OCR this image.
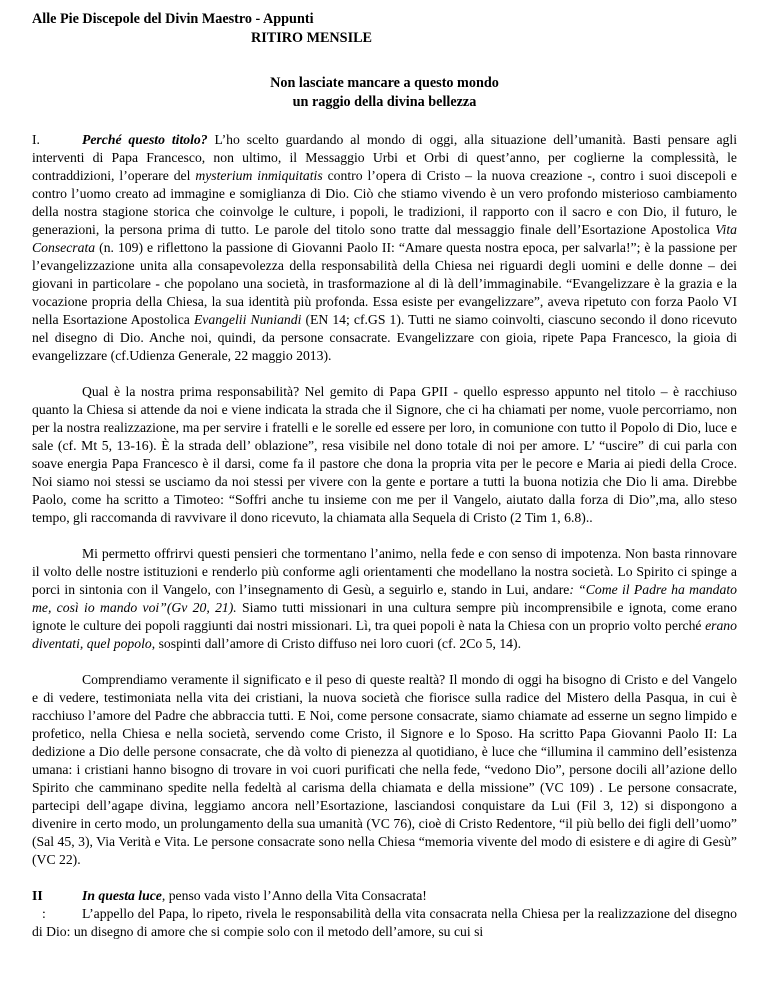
Alle Pie Discepole del Divin Maestro - Appunti
RITIRO MENSILE
Non lasciate mancare a questo mondo
un raggio della divina bellezza

I.	Perché questo titolo? L’ho scelto guardando al mondo di oggi, alla situazione dell’umanità. Basti pensare agli interventi di Papa Francesco, non ultimo, il Messaggio Urbi et Orbi di quest’anno, per coglierne la complessità, le contraddizioni, l’operare del mysterium inmiquitatis contro l’opera di Cristo – la nuova creazione -, contro i suoi discepoli e contro l’uomo creato ad immagine e somiglianza di Dio. Ciò che stiamo vivendo è un vero profondo misterioso cambiamento della nostra stagione storica che coinvolge le culture, i popoli, le tradizioni, il rapporto con il sacro e con Dio, il futuro, le generazioni, la persona prima di tutto. Le parole del titolo sono tratte dal messaggio finale dell’Esortazione Apostolica Vita Consecrata (n. 109) e riflettono la passione di Giovanni Paolo II: “Amare questa nostra epoca, per salvarla!”; è la passione per l’evangelizzazione unita alla consapevolezza della responsabilità della Chiesa nei riguardi degli uomini e delle donne – dei giovani in particolare - che popolano una società, in trasformazione al di là dell’immaginabile. “Evangelizzare è la grazia e la vocazione propria della Chiesa, la sua identità più profonda. Essa esiste per evangelizzare”, aveva ripetuto con forza Paolo VI nella Esortazione Apostolica Evangelii Nuniandi (EN 14; cf.GS 1). Tutti ne siamo coinvolti, ciascuno secondo il dono ricevuto nel disegno di Dio. Anche noi, quindi, da persone consacrate. Evangelizzare con gioia, ripete Papa Francesco, la gioia di evangelizzare (cf.Udienza Generale, 22 maggio 2013).

Qual è la nostra prima responsabilità? Nel gemito di Papa GPII - quello espresso appunto nel titolo – è racchiuso quanto la Chiesa si attende da noi e viene indicata la strada che il Signore, che ci ha chiamati per nome, vuole percorriamo, non per la nostra realizzazione, ma per servire i fratelli e le sorelle ed essere per loro, in comunione con tutto il Popolo di Dio, luce e sale (cf. Mt 5, 13-16). È la strada dell’ oblazione”, resa visibile nel dono totale di noi per amore. L’ “uscire” di cui parla con soave energia Papa Francesco è il darsi, come fa il pastore che dona la propria vita per le pecore e Maria ai piedi della Croce. Noi siamo noi stessi se usciamo da noi stessi per vivere con la gente e portare a tutti la buona notizia che Dio li ama. Direbbe Paolo, come ha scritto a Timoteo: “Soffri anche tu insieme con me per il Vangelo, aiutato dalla forza di Dio”,ma, allo steso tempo, gli raccomanda di ravvivare il dono ricevuto, la chiamata alla Sequela di Cristo (2 Tim 1, 6.8)..

Mi permetto offrirvi questi pensieri che tormentano l’animo, nella fede e con senso di impotenza. Non basta rinnovare il volto delle nostre istituzioni e renderlo più conforme agli orientamenti che modellano la nostra società. Lo Spirito ci spinge a porci in sintonia con il Vangelo, con l’insegnamento di Gesù, a seguirlo e, stando in Lui, andare: “Come il Padre ha mandato me, così io mando voi”(Gv 20, 21). Siamo tutti missionari in una cultura sempre più incomprensibile e ignota, come erano ignote le culture dei popoli raggiunti dai nostri missionari. Lì, tra quei popoli è nata la Chiesa con un proprio volto perché erano diventati, quel popolo, sospinti dall’amore di Cristo diffuso nei loro cuori (cf. 2Co 5, 14).

Comprendiamo veramente il significato e il peso di queste realtà? Il mondo di oggi ha bisogno di Cristo e del Vangelo e di vedere, testimoniata nella vita dei cristiani, la nuova società che fiorisce sulla radice del Mistero della Pasqua, in cui è racchiuso l’amore del Padre che abbraccia tutti. E Noi, come persone consacrate, siamo chiamate ad esserne un segno limpido e profetico, nella Chiesa e nella società, servendo come Cristo, il Signore e lo Sposo. Ha scritto Papa Giovanni Paolo II: La dedizione a Dio delle persone consacrate, che dà volto di pienezza al quotidiano, è luce che “illumina il cammino dell’esistenza umana: i cristiani hanno bisogno di trovare in voi cuori purificati che nella fede, “vedono Dio”, persone docili all’azione dello Spirito che camminano spedite nella fedeltà al carisma della chiamata e della missione” (VC 109) . Le persone consacrate, partecipi dell’agape divina, leggiamo ancora nell’Esortazione, lasciandosi conquistare da Lui (Fil 3, 12) si dispongono a divenire in certo modo, un prolungamento della sua umanità (VC 76), cioè di Cristo Redentore, “il più bello dei figli dell’uomo” (Sal 45, 3), Via Verità e Vita. Le persone consacrate sono nella Chiesa “memoria vivente del modo di esistere e di agire di Gesù” (VC 22).

II	In questa luce, penso vada visto l’Anno della Vita Consacrata!

:	L’appello del Papa, lo ripeto, rivela le responsabilità della vita consacrata nella Chiesa per la realizzazione del disegno di Dio: un disegno di amore che si compie solo con il metodo dell’amore, su cui si
